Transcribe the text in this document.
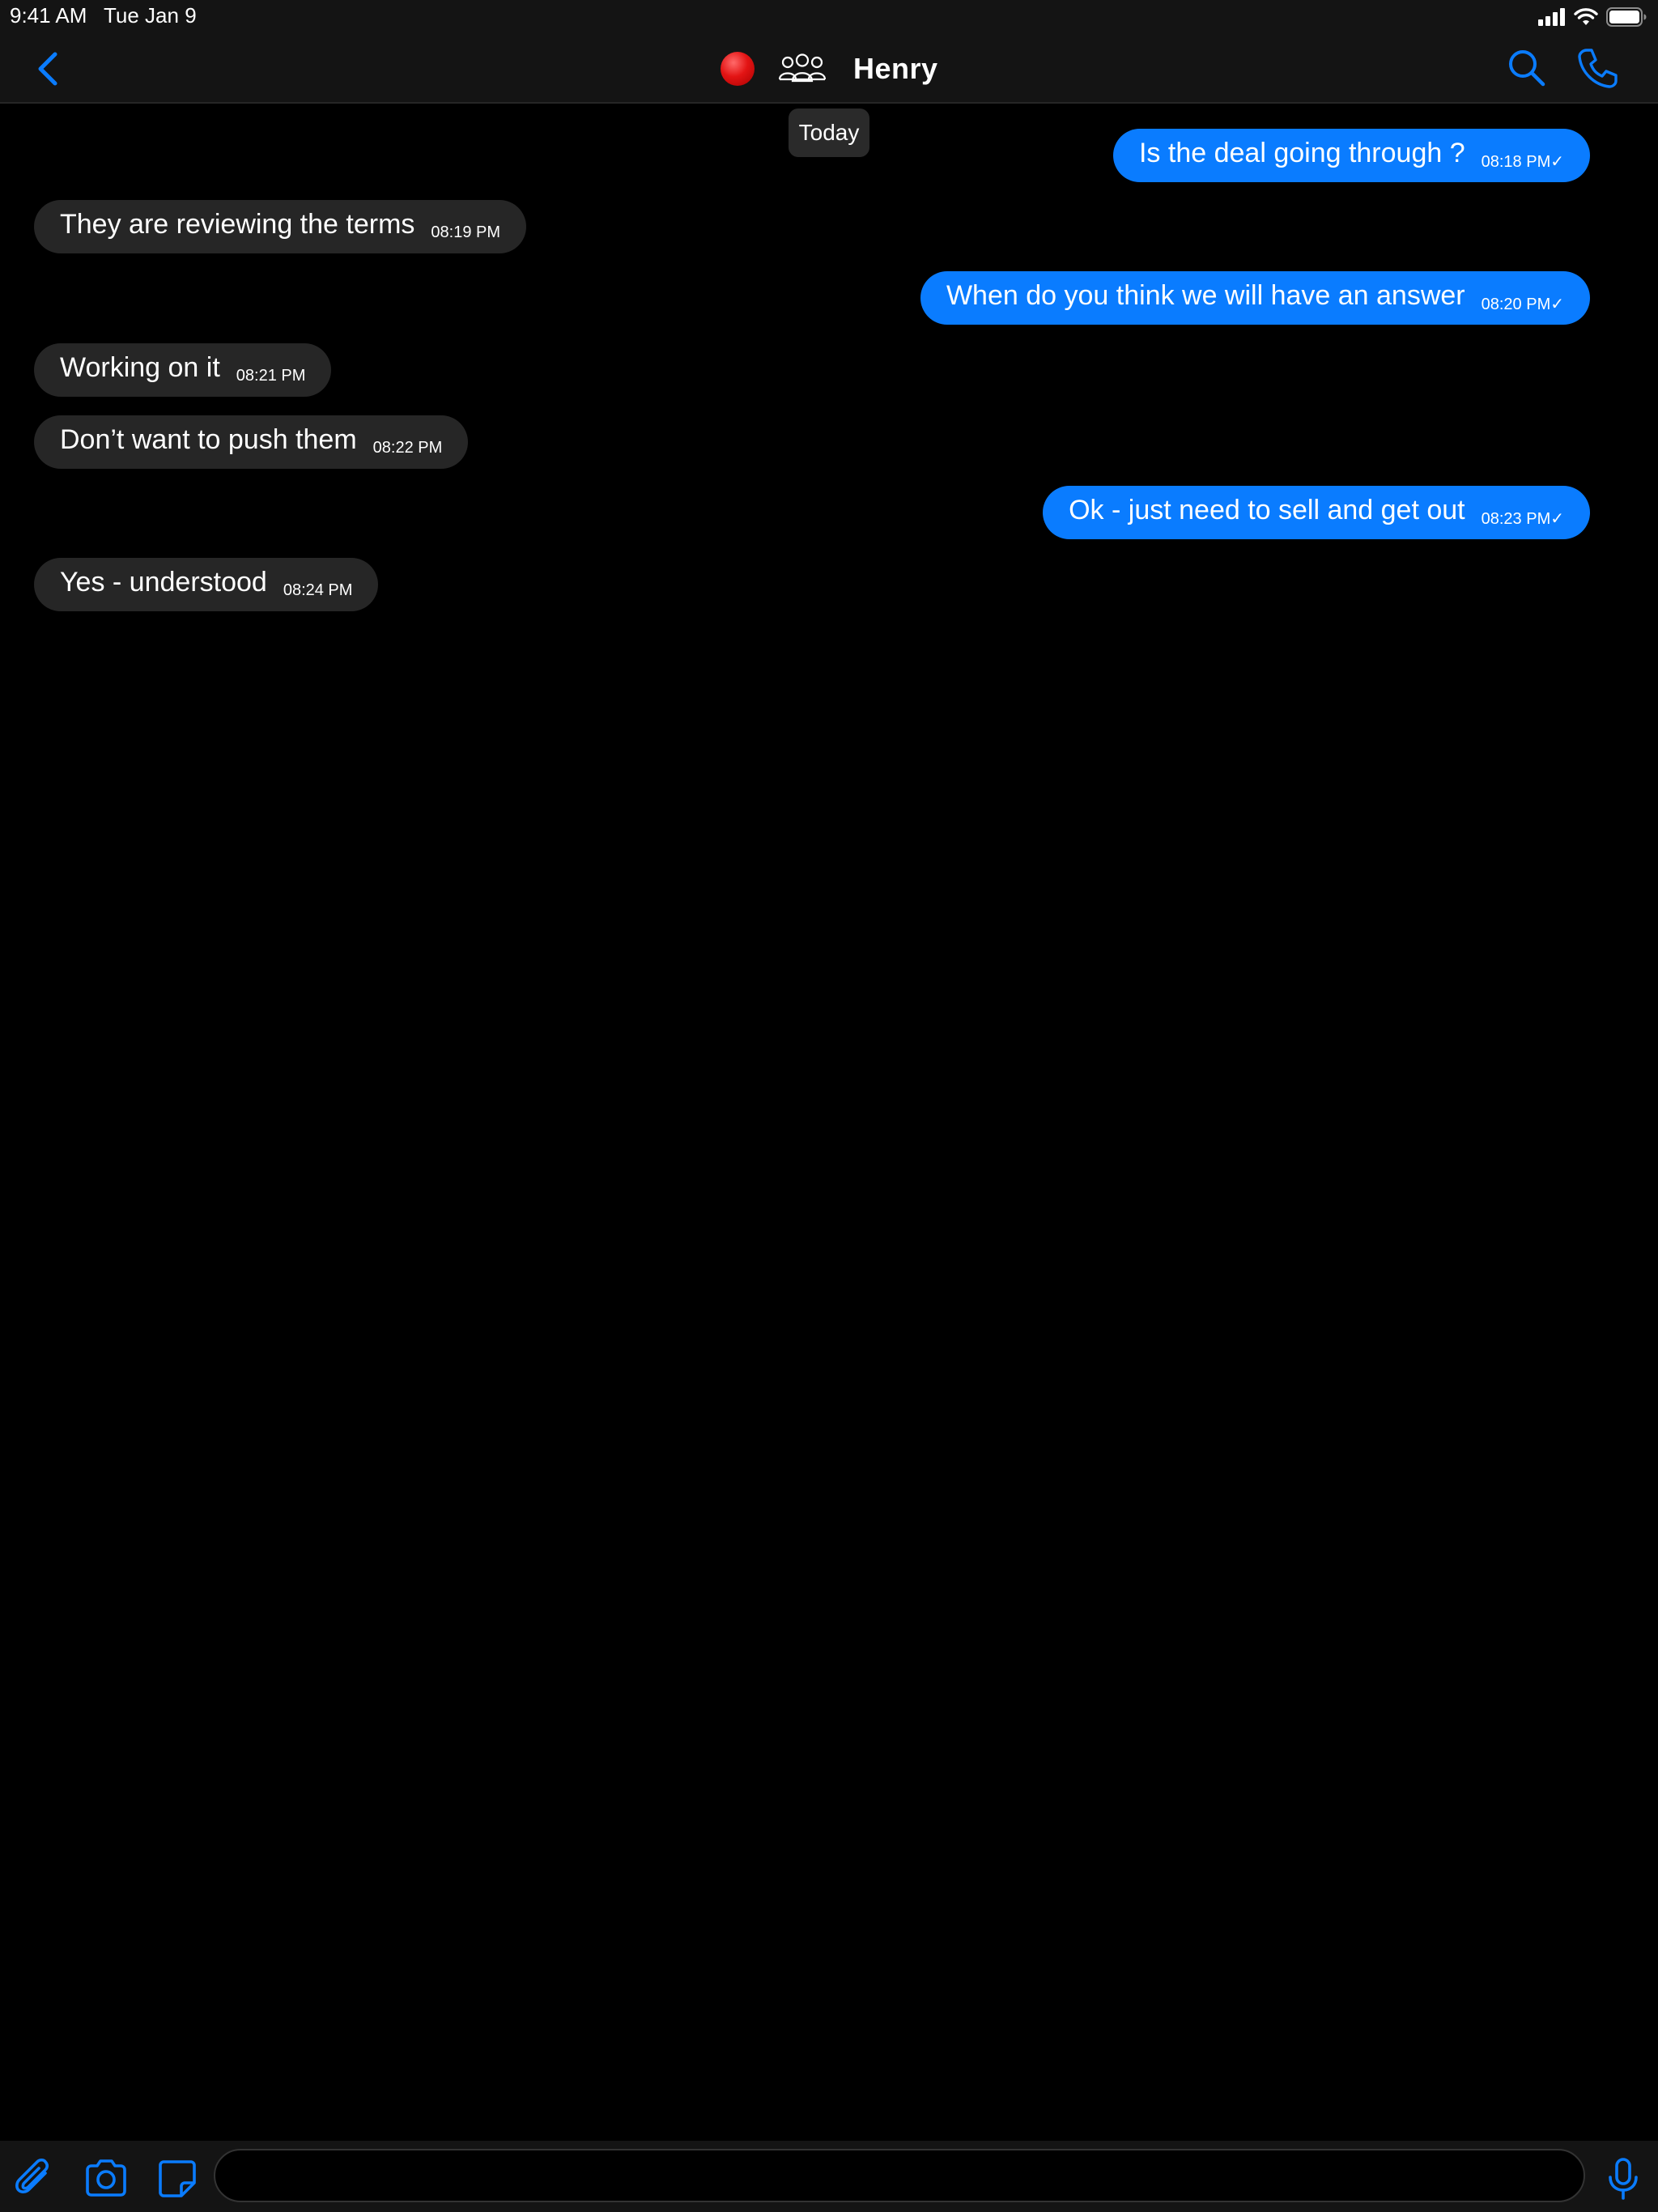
9:41 AM Tue Jan 9
Henry
Today
Is the deal going through ? 08:18 PM✓
They are reviewing the terms 08:19 PM
When do you think we will have an answer 08:20 PM✓
Working on it 08:21 PM
Don’t want to push them 08:22 PM
Ok - just need to sell and get out 08:23 PM✓
Yes - understood 08:24 PM
